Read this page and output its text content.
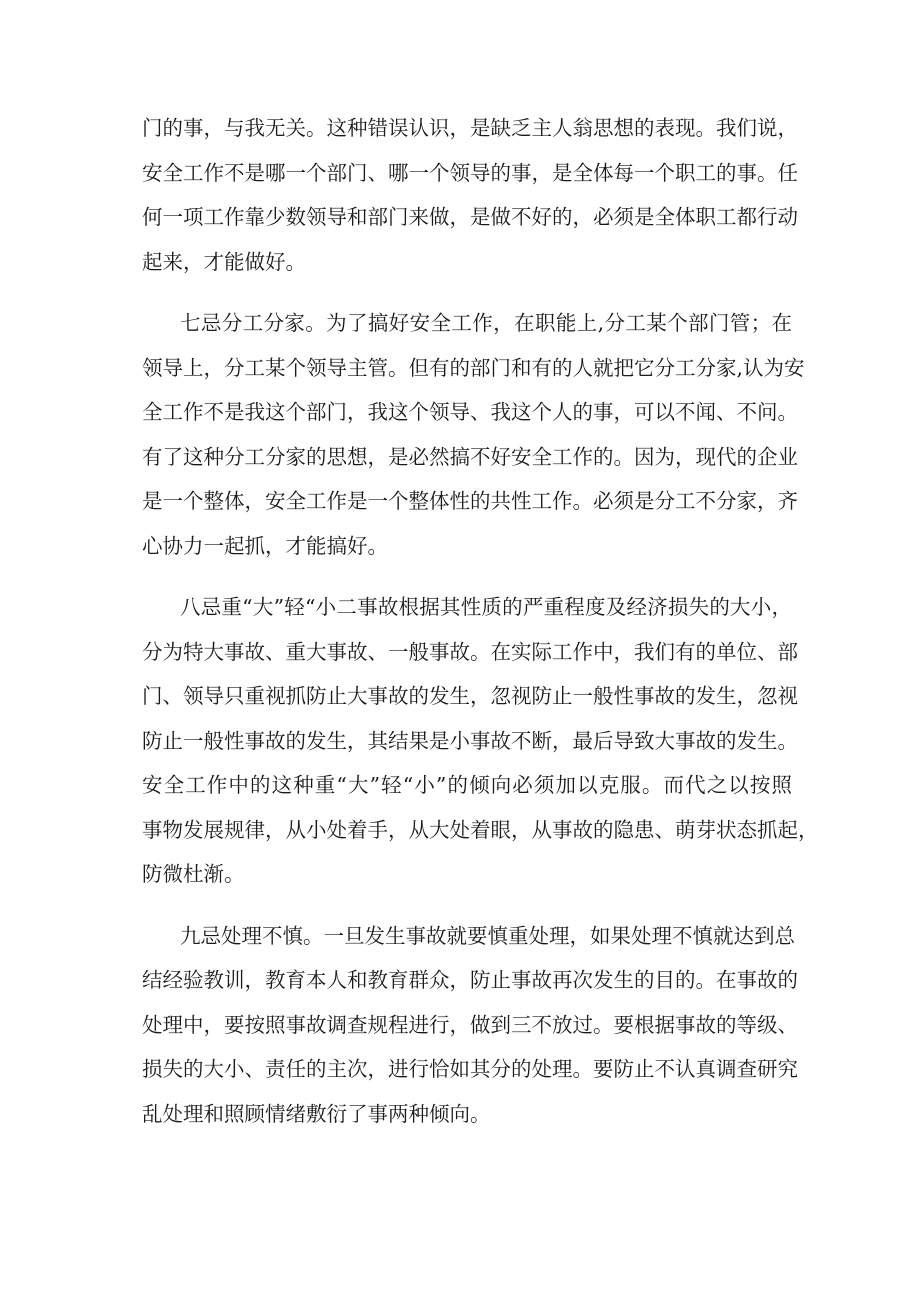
门的事，与我无关。这种错误认识，是缺乏主人翁思想的表现。我们说，
安全工作不是哪一个部门、哪一个领导的事，是全体每一个职工的事。任
何一项工作靠少数领导和部门来做，是做不好的，必须是全体职工都行动
起来，才能做好。
七忌分工分家。为了搞好安全工作，在职能上,分工某个部门管；在
领导上，分工某个领导主管。但有的部门和有的人就把它分工分家,认为安
全工作不是我这个部门，我这个领导、我这个人的事，可以不闻、不问。
有了这种分工分家的思想，是必然搞不好安全工作的。因为，现代的企业
是一个整体，安全工作是一个整体性的共性工作。必须是分工不分家，齐
心协力一起抓，才能搞好。
八忌重“大”轻“小二事故根据其性质的严重程度及经济损失的大小，
分为特大事故、重大事故、一般事故。在实际工作中，我们有的单位、部
门、领导只重视抓防止大事故的发生，忽视防止一般性事故的发生，忽视
防止一般性事故的发生，其结果是小事故不断，最后导致大事故的发生。
安全工作中的这种重“大”轻“小”的倾向必须加以克服。而代之以按照
事物发展规律，从小处着手，从大处着眼，从事故的隐患、萌芽状态抓起，
防微杜渐。
九忌处理不慎。一旦发生事故就要慎重处理，如果处理不慎就达到总
结经验教训，教育本人和教育群众，防止事故再次发生的目的。在事故的
处理中，要按照事故调查规程进行，做到三不放过。要根据事故的等级、
损失的大小、责任的主次，进行恰如其分的处理。要防止不认真调查研究
乱处理和照顾情绪敷衍了事两种倾向。
